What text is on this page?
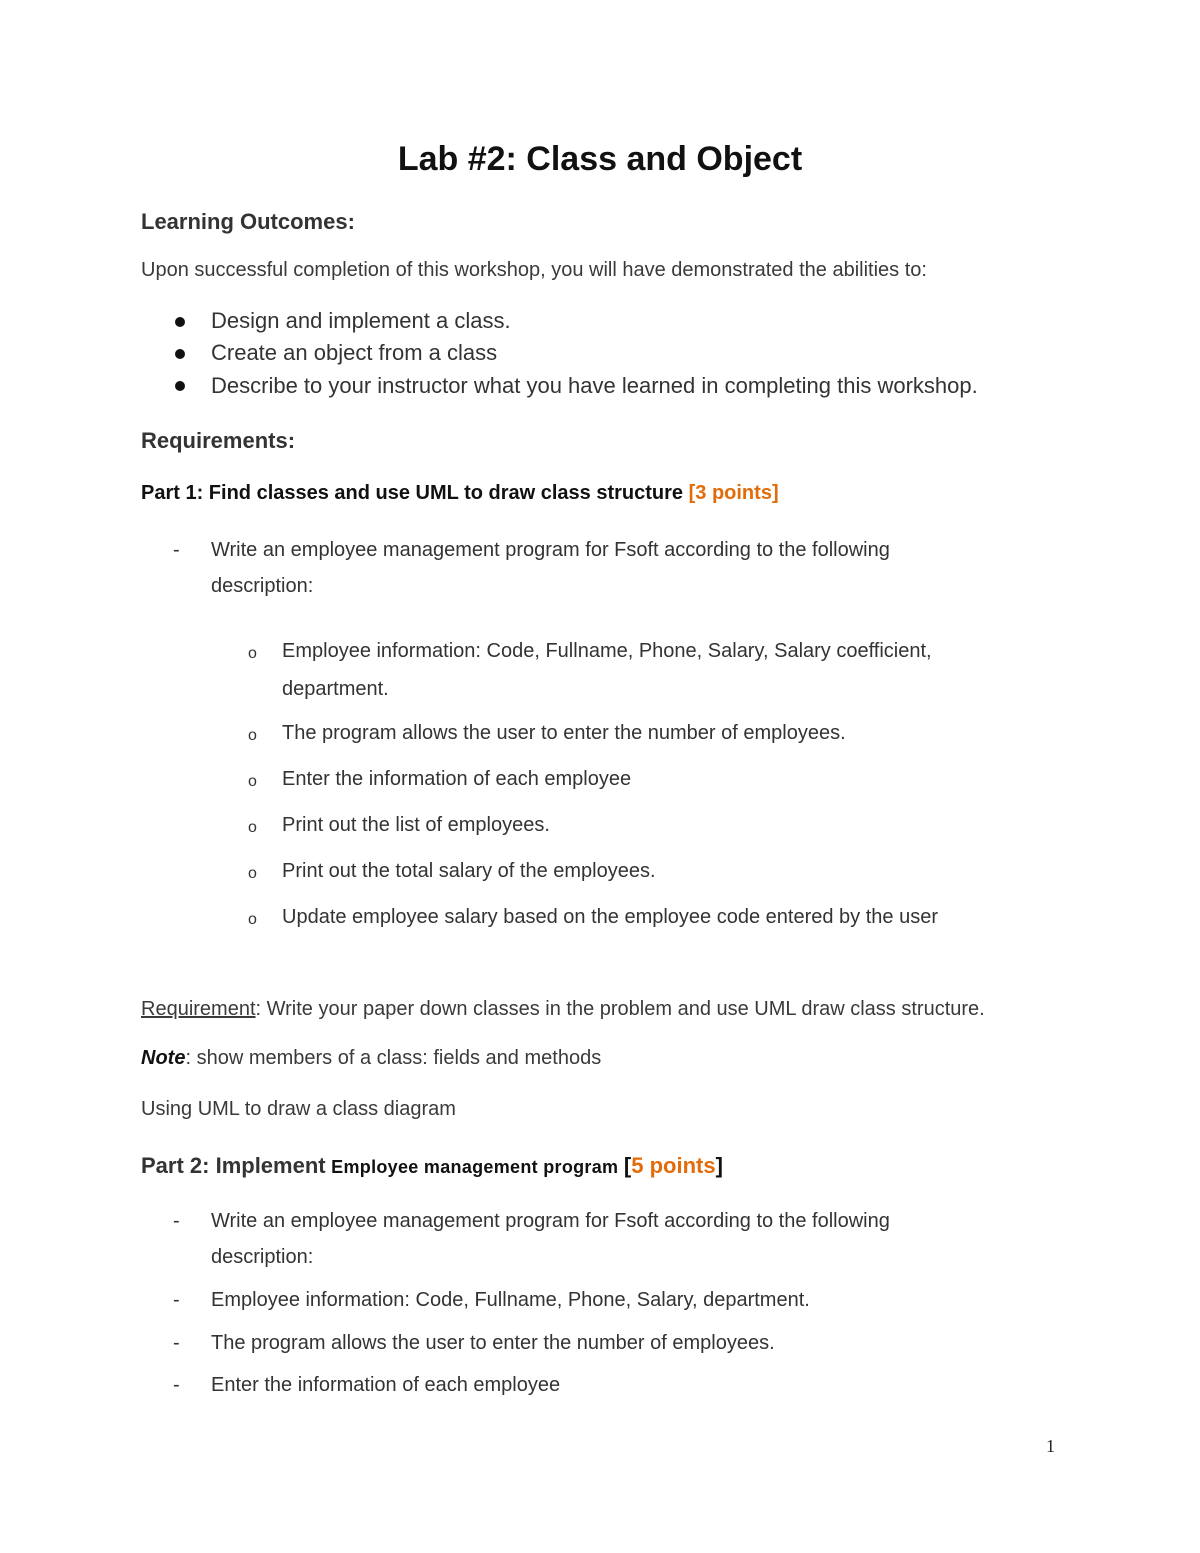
Lab #2: Class and Object
Learning Outcomes:
Upon successful completion of this workshop, you will have demonstrated the abilities to:
Design and implement a class.
Create an object from a class
Describe to your instructor what you have learned in completing this workshop.
Requirements:
Part 1: Find classes and use UML to draw class structure [3 points]
- Write an employee management program for Fsoft according to the following
description:
o Employee information: Code, Fullname, Phone, Salary, Salary coefficient,
department.
o The program allows the user to enter the number of employees.
o Enter the information of each employee
o Print out the list of employees.
o Print out the total salary of the employees.
o Update employee salary based on the employee code entered by the user
Requirement: Write your paper down classes in the problem and use UML draw class structure.
Note: show members of a class: fields and methods
Using UML to draw a class diagram
Part 2: Implement Employee management program [5 points]
- Write an employee management program for Fsoft according to the following
description:
- Employee information: Code, Fullname, Phone, Salary, department.
- The program allows the user to enter the number of employees.
- Enter the information of each employee
1
